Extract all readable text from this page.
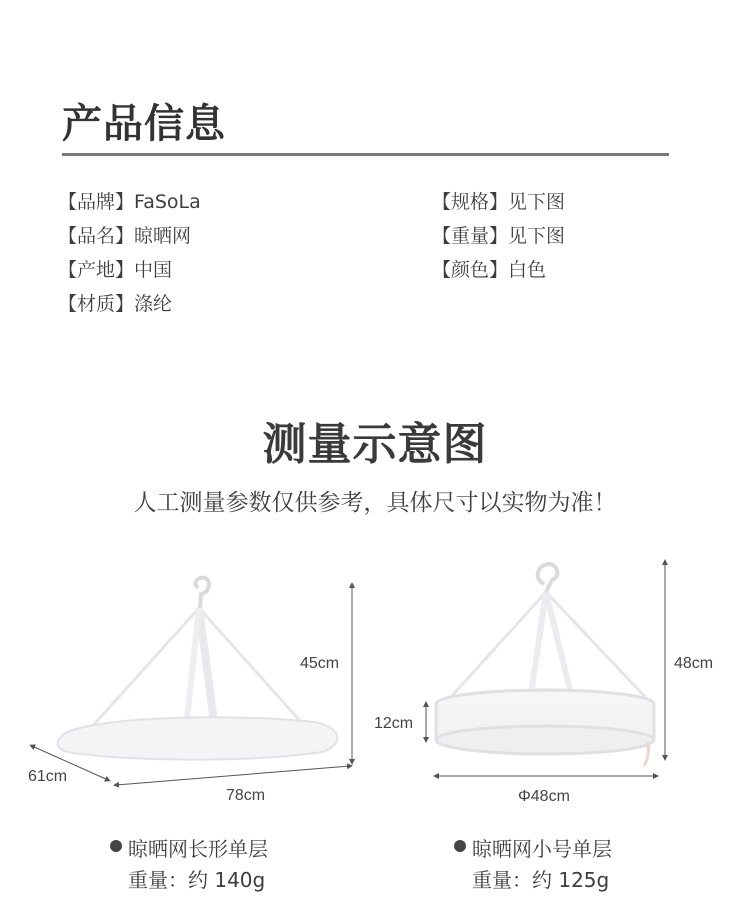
产品信息
【品牌】FaSoLa
【品名】晾晒网
【产地】中国
【材质】涤纶
【规格】见下图
【重量】见下图
【颜色】白色
测量示意图
人工测量参数仅供参考，具体尺寸以实物为准！
45cm
61cm
78cm
48cm
12cm
Φ48cm
晾晒网长形单层
重量：约 140g
晾晒网小号单层
重量：约 125g
